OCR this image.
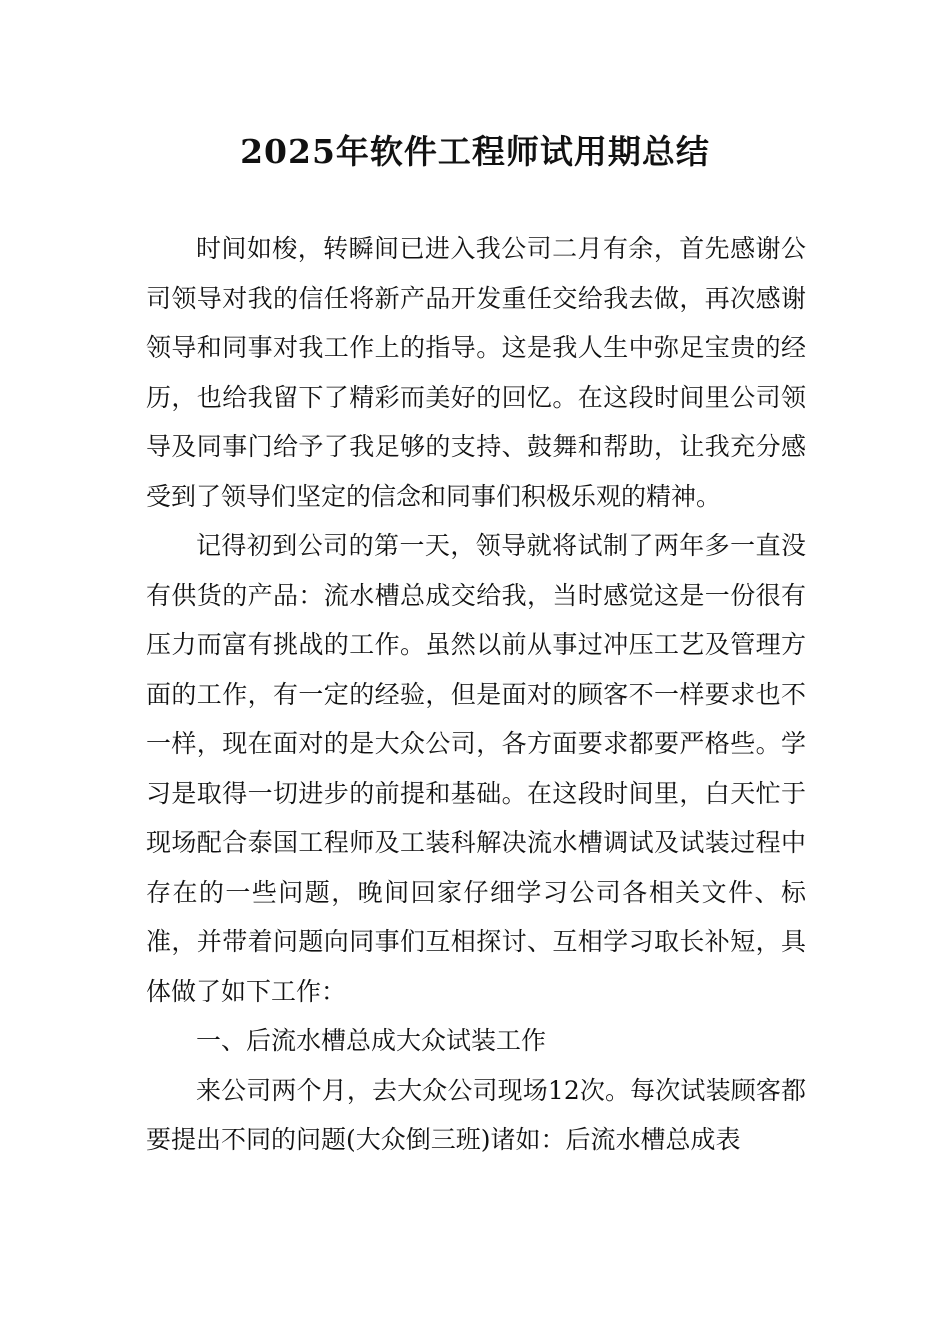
2025年软件工程师试用期总结

时间如梭，转瞬间已进入我公司二月有余，首先感谢公司领导对我的信任将新产品开发重任交给我去做，再次感谢领导和同事对我工作上的指导。这是我人生中弥足宝贵的经历，也给我留下了精彩而美好的回忆。在这段时间里公司领导及同事门给予了我足够的支持、鼓舞和帮助，让我充分感受到了领导们坚定的信念和同事们积极乐观的精神。

记得初到公司的第一天，领导就将试制了两年多一直没有供货的产品：流水槽总成交给我，当时感觉这是一份很有压力而富有挑战的工作。虽然以前从事过冲压工艺及管理方面的工作，有一定的经验，但是面对的顾客不一样要求也不一样，现在面对的是大众公司，各方面要求都要严格些。学习是取得一切进步的前提和基础。在这段时间里，白天忙于现场配合泰国工程师及工装科解决流水槽调试及试装过程中存在的一些问题，晚间回家仔细学习公司各相关文件、标准，并带着问题向同事们互相探讨、互相学习取长补短，具体做了如下工作：

一、后流水槽总成大众试装工作

来公司两个月，去大众公司现场12次。每次试装顾客都要提出不同的问题(大众倒三班)诸如：后流水槽总成表
